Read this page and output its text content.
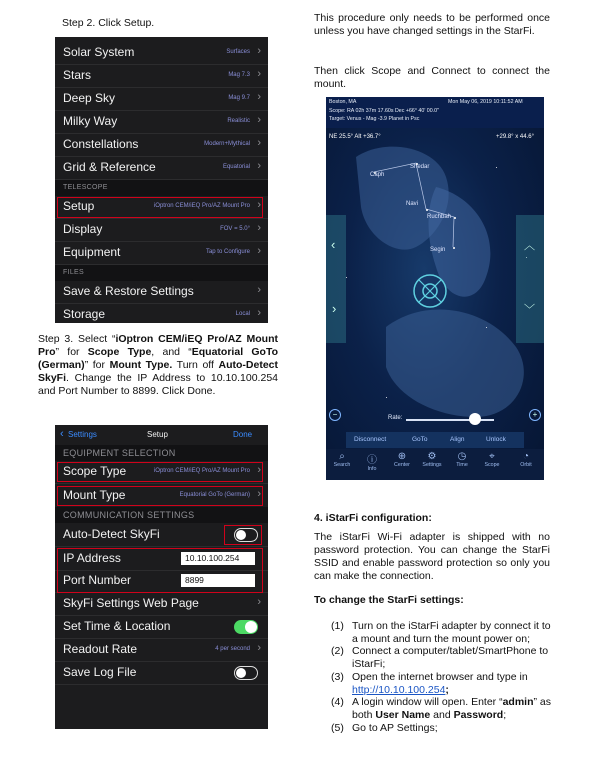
Step 2. Click Setup.
Solar System	Surfaces ›
Stars	Mag 7.3 ›
Deep Sky	Mag 9.7 ›
Milky Way	Realistic ›
Constellations	Modern+Mythical ›
Grid & Reference	Equatorial ›
TELESCOPE
Setup	iOptron CEM/iEQ Pro/AZ Mount Pro ›
Display	FOV = 5.0° ›
Equipment	Tap to Configure ›
FILES
Save & Restore Settings	›
Storage	Local ›
Step 3. Select “iOptron CEM/iEQ Pro/AZ Mount Pro” for Scope Type, and “Equatorial GoTo (German)” for Mount Type. Turn off Auto-Detect SkyFi. Change the IP Address to 10.10.100.254 and Port Number to 8899. Click Done.
‹ Settings	Setup	Done
EQUIPMENT SELECTION
Scope Type	iOptron CEM/iEQ Pro/AZ Mount Pro ›
Mount Type	Equatorial GoTo (German) ›
COMMUNICATION SETTINGS
Auto-Detect SkyFi
IP Address	10.10.100.254
Port Number	8899
SkyFi Settings Web Page	›
Set Time & Location
Readout Rate	4 per second ›
Save Log File
This procedure only needs to be performed once unless you have changed settings in the StarFi.
Then click Scope and Connect to connect the mount.
Boston, MA	Mon May 06, 2019 10:11:52 AM
Scope: RA 02h 37m 17.60s Dec +66° 40' 00.0"
Target: Venus - Mag -3.9 Planet in Psc
NE 25.5° Alt +36.7°	+29.8° x 44.6°
Caph
Shedar
Navi
Ruchbah
Segin
‹
›
︿
﹀
−	+
Rate:
Disconnect	GoTo	Align	Unlock
⌕
Search	ⓘ
Info
⊕
Center
⚙
Settings
◷
Time
⌖
Scope
◔
Orbit
4. iStarFi configuration:
The iStarFi Wi-Fi adapter is shipped with no password protection. You can change the StarFi SSID and enable password protection so only you can make the connection.
To change the StarFi settings:
(1) Turn on the iStarFi adapter by connect it to a mount and turn the mount power on;
(2) Connect a computer/tablet/SmartPhone to iStarFi;
(3) Open the internet browser and type in http://10.10.100.254;
(4) A login window will open. Enter “admin” as both User Name and Password;
(5) Go to AP Settings;
